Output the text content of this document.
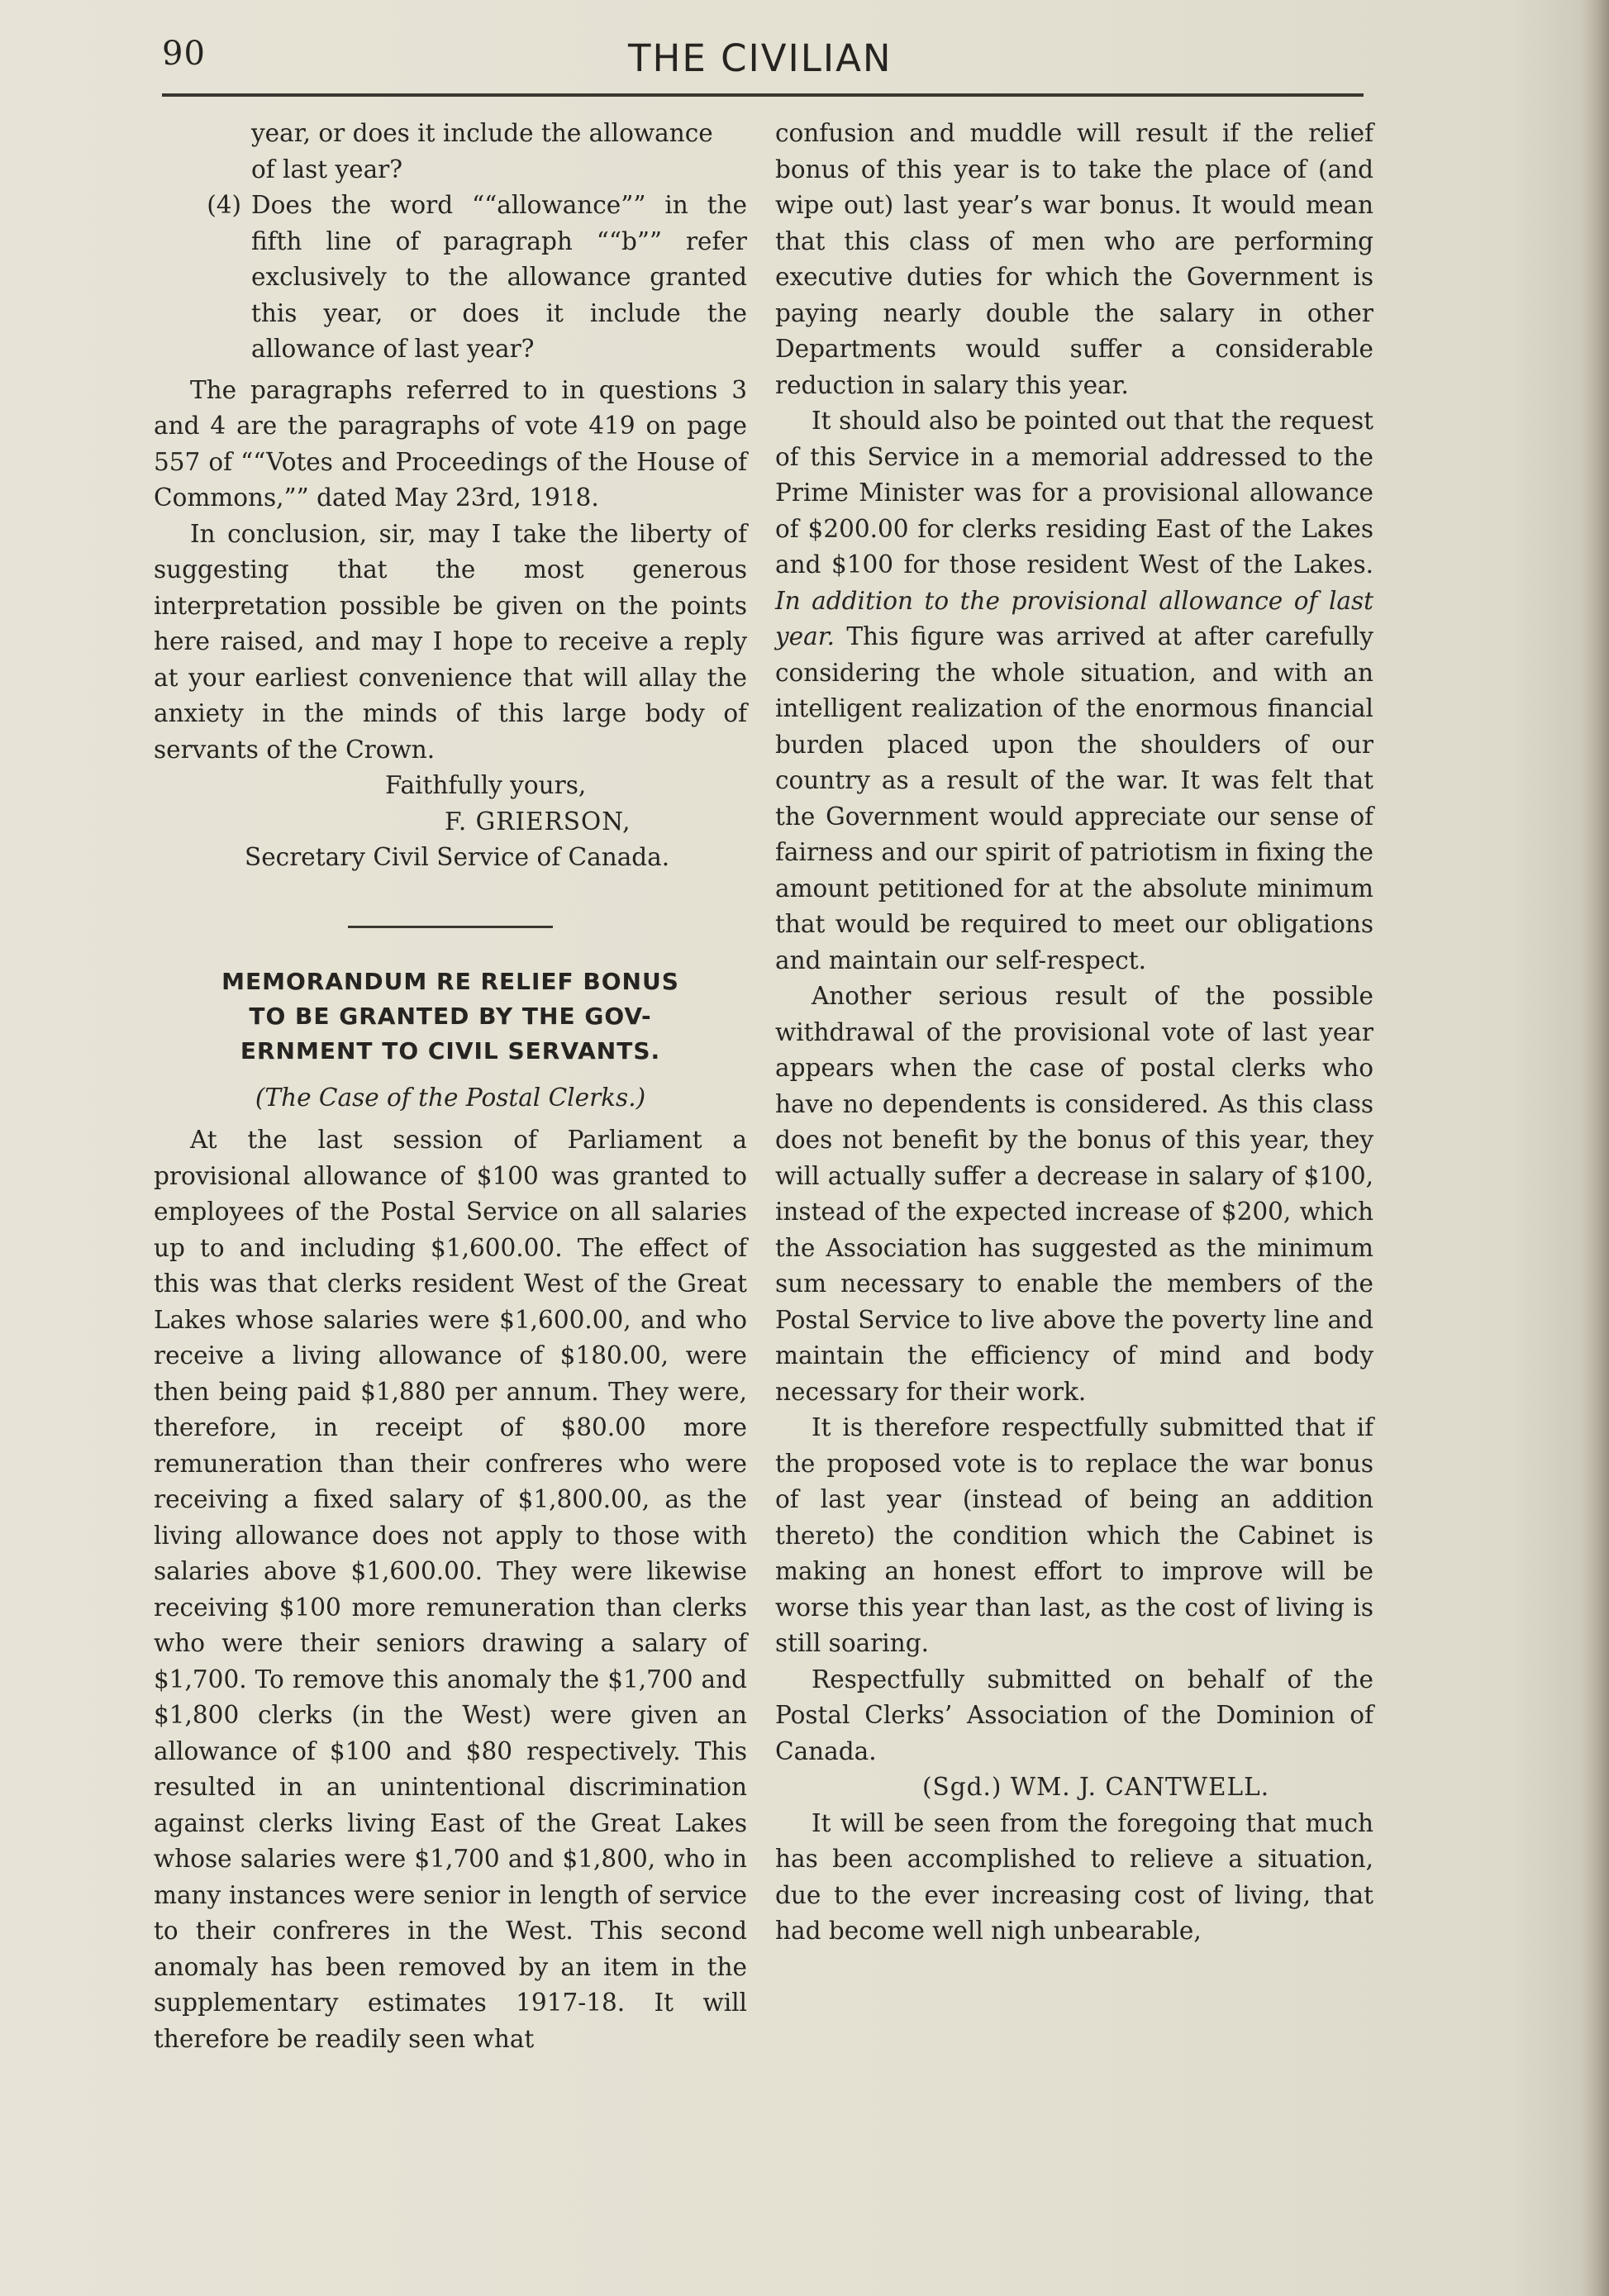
90	THE CIVILIAN
year, or does it include the allowance
of last year?
(4) Does the word ““allowance”” in the fifth line of paragraph ““b”” refer exclusively to the allowance granted this year, or does it include the allowance of last year?

The paragraphs referred to in questions 3 and 4 are the paragraphs of vote 419 on page 557 of ““Votes and Proceedings of the House of Commons,”” dated May 23rd, 1918.

In conclusion, sir, may I take the liberty of suggesting that the most generous interpretation possible be given on the points here raised, and may I hope to receive a reply at your earliest convenience that will allay the anxiety in the minds of this large body of servants of the Crown.

Faithfully yours,
F. GRIERSON,
Secretary Civil Service of Canada.
MEMORANDUM RE RELIEF BONUS
TO BE GRANTED BY THE GOV-
ERNMENT TO CIVIL SERVANTS.
(The Case of the Postal Clerks.)

At the last session of Parliament a provisional allowance of $100 was granted to employees of the Postal Service on all salaries up to and including $1,600.00. The effect of this was that clerks resident West of the Great Lakes whose salaries were $1,600.00, and who receive a living allowance of $180.00, were then being paid $1,880 per annum. They were, therefore, in receipt of $80.00 more remuneration than their confreres who were receiving a fixed salary of $1,800.00, as the living allowance does not apply to those with salaries above $1,600.00. They were likewise receiving $100 more remuneration than clerks who were their seniors drawing a salary of $1,700. To remove this anomaly the $1,700 and $1,800 clerks (in the West) were given an allowance of $100 and $80 respectively. This resulted in an unintentional discrimination against clerks living East of the Great Lakes whose salaries were $1,700 and $1,800, who in many instances were senior in length of service to their confreres in the West. This second anomaly has been removed by an item in the supplementary estimates 1917-18. It will therefore be readily seen what

confusion and muddle will result if the relief bonus of this year is to take the place of (and wipe out) last year’s war bonus. It would mean that this class of men who are performing executive duties for which the Government is paying nearly double the salary in other Departments would suffer a considerable reduction in salary this year.

It should also be pointed out that the request of this Service in a memorial addressed to the Prime Minister was for a provisional allowance of $200.00 for clerks residing East of the Lakes and $100 for those resident West of the Lakes. In addition to the provisional allowance of last year. This figure was arrived at after carefully considering the whole situation, and with an intelligent realization of the enormous financial burden placed upon the shoulders of our country as a result of the war. It was felt that the Government would appreciate our sense of fairness and our spirit of patriotism in fixing the amount petitioned for at the absolute minimum that would be required to meet our obligations and maintain our self-respect.

Another serious result of the possible withdrawal of the provisional vote of last year appears when the case of postal clerks who have no dependents is considered. As this class does not benefit by the bonus of this year, they will actually suffer a decrease in salary of $100, instead of the expected increase of $200, which the Association has suggested as the minimum sum necessary to enable the members of the Postal Service to live above the poverty line and maintain the efficiency of mind and body necessary for their work.

It is therefore respectfully submitted that if the proposed vote is to replace the war bonus of last year (instead of being an addition thereto) the condition which the Cabinet is making an honest effort to improve will be worse this year than last, as the cost of living is still soaring.

Respectfully submitted on behalf of the Postal Clerks’ Association of the Dominion of Canada.

(Sgd.) WM. J. CANTWELL.

It will be seen from the foregoing that much has been accomplished to relieve a situation, due to the ever increasing cost of living, that had become well nigh unbearable,
